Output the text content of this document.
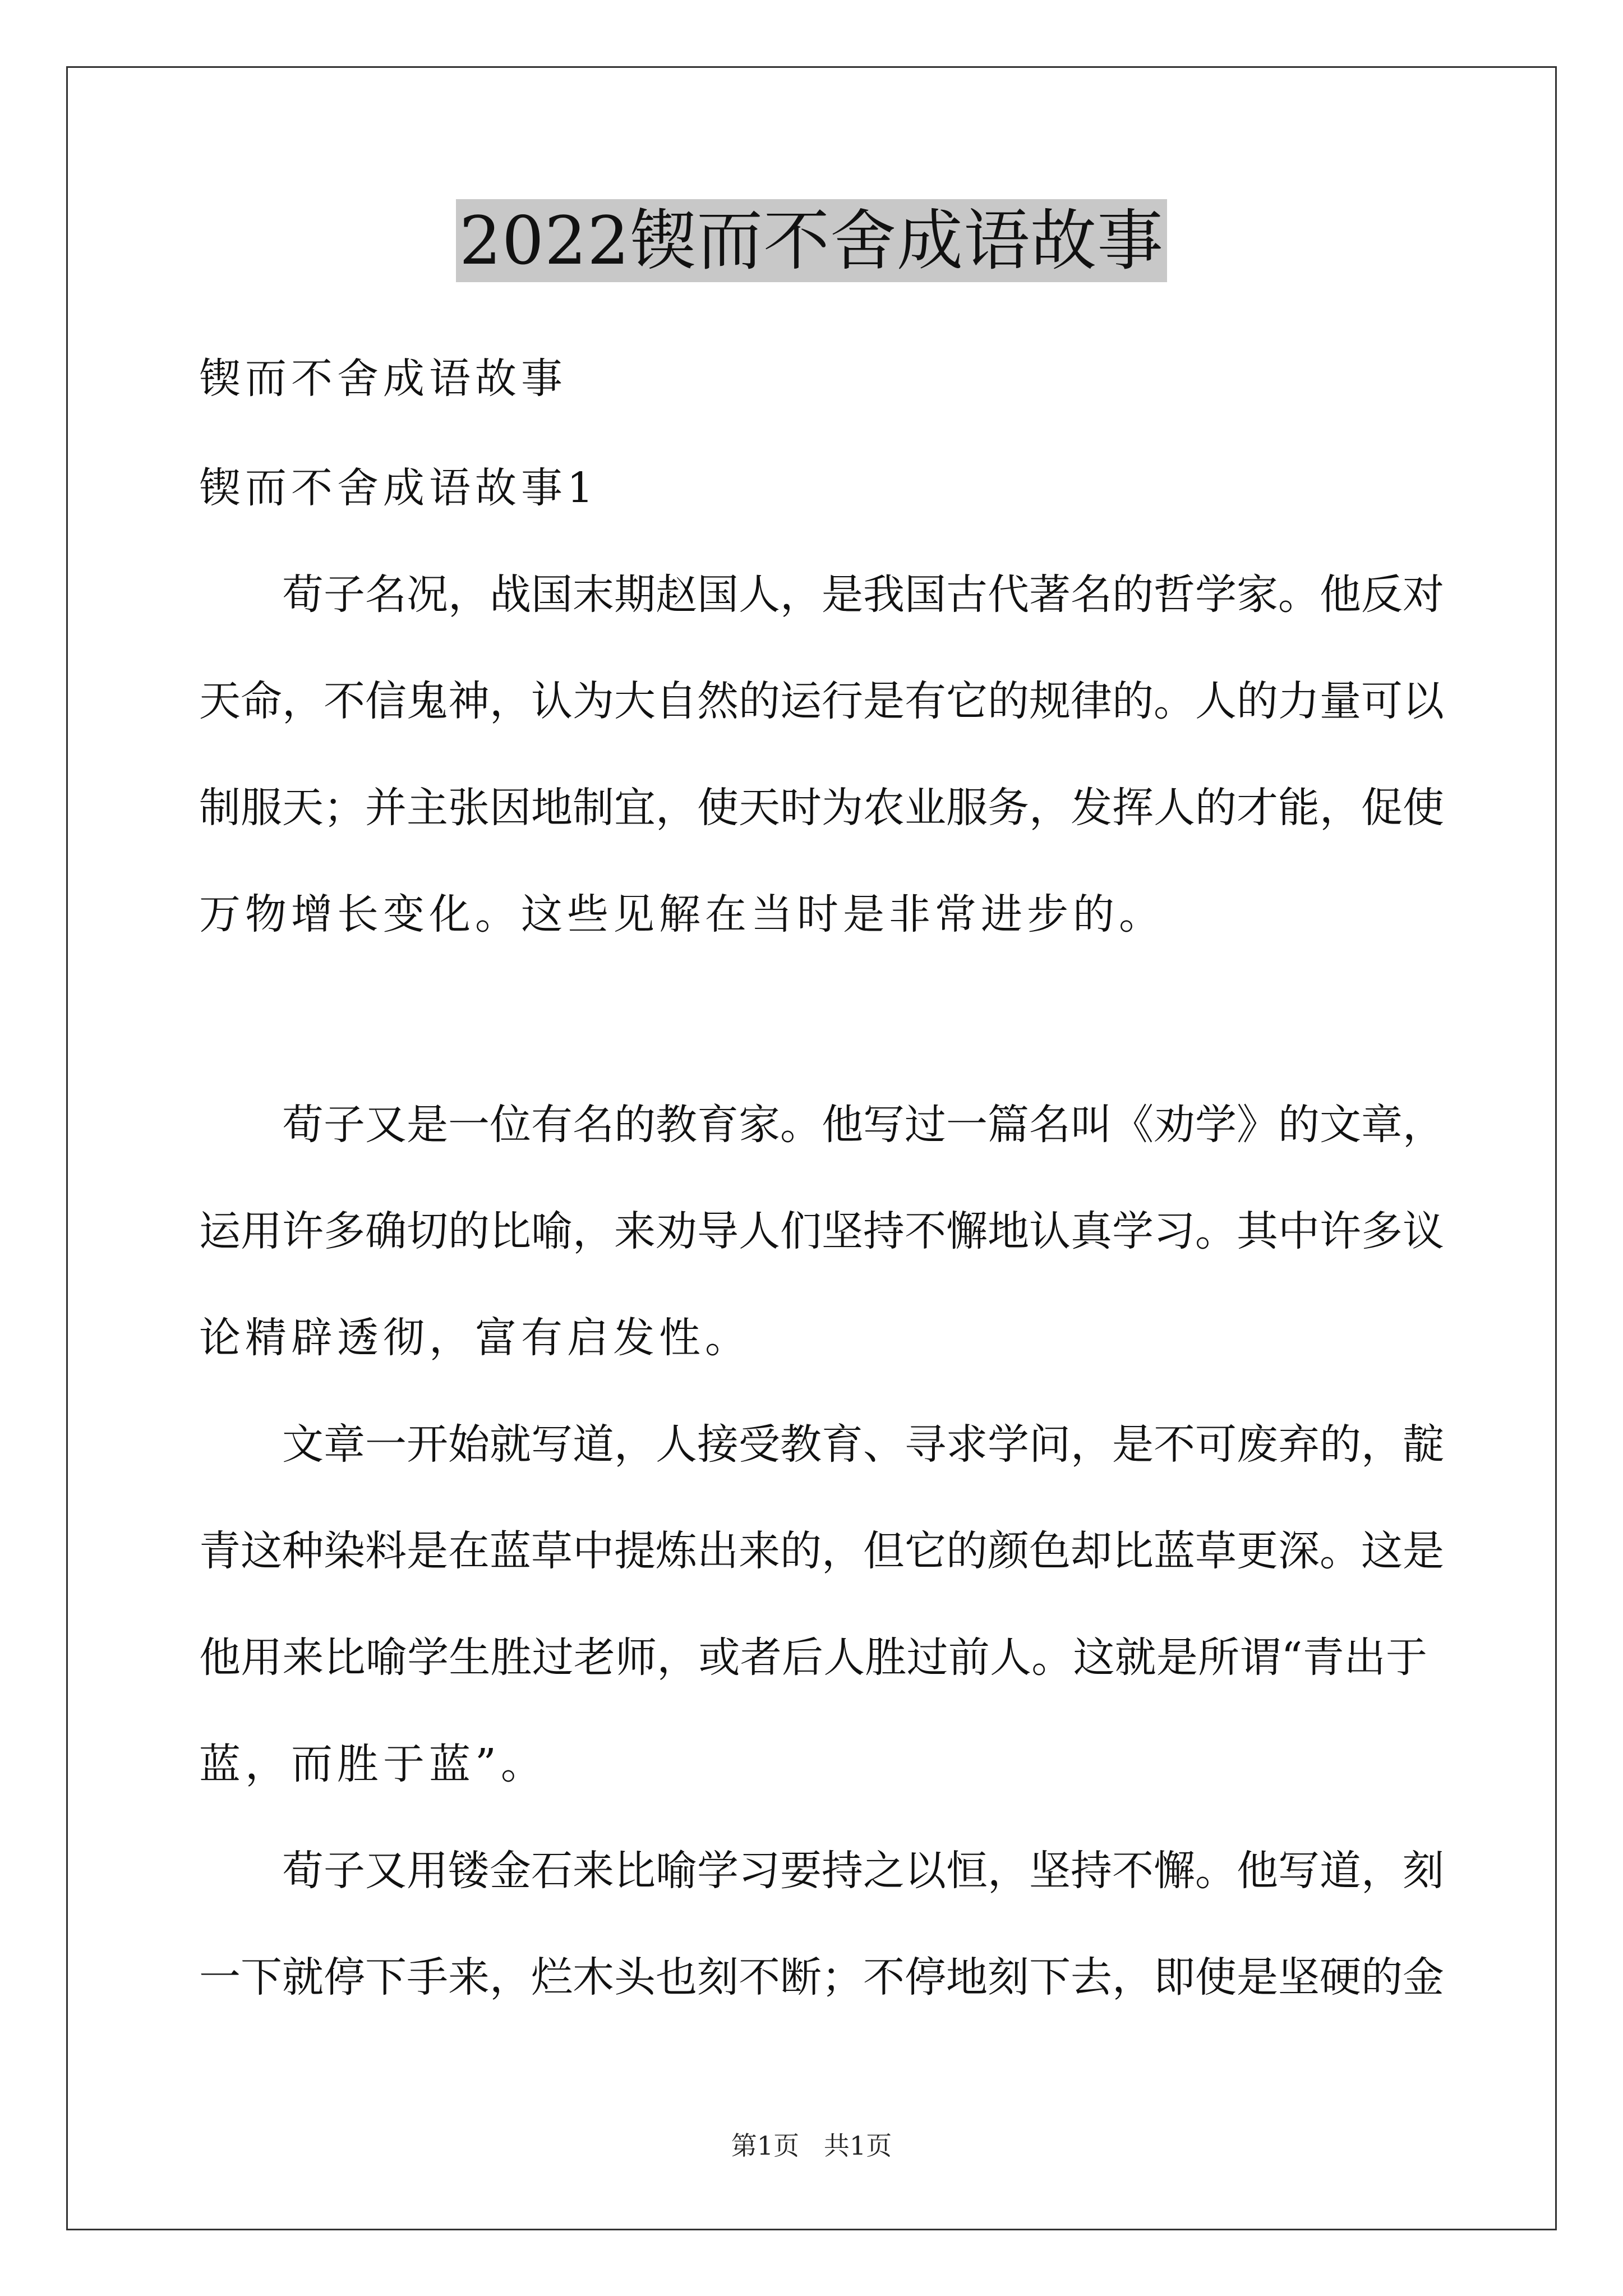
2022锲而不舍成语故事
锲而不舍成语故事
锲而不舍成语故事1
　　荀子名况，战国末期赵国人，是我国古代著名的哲学家。他反对
天命，不信鬼神，认为大自然的运行是有它的规律的。人的力量可以
制服天；并主张因地制宜，使天时为农业服务，发挥人的才能，促使
万物增长变化。这些见解在当时是非常进步的。
　　荀子又是一位有名的教育家。他写过一篇名叫《劝学》的文章，
运用许多确切的比喻，来劝导人们坚持不懈地认真学习。其中许多议
论精辟透彻，富有启发性。
　　文章一开始就写道，人接受教育、寻求学问，是不可废弃的，靛
青这种染料是在蓝草中提炼出来的，但它的颜色却比蓝草更深。这是
他用来比喻学生胜过老师，或者后人胜过前人。这就是所谓“青出于
蓝，而胜于蓝”。
　　荀子又用镂金石来比喻学习要持之以恒，坚持不懈。他写道，刻
一下就停下手来，烂木头也刻不断；不停地刻下去，即使是坚硬的金
第1页   共1页
